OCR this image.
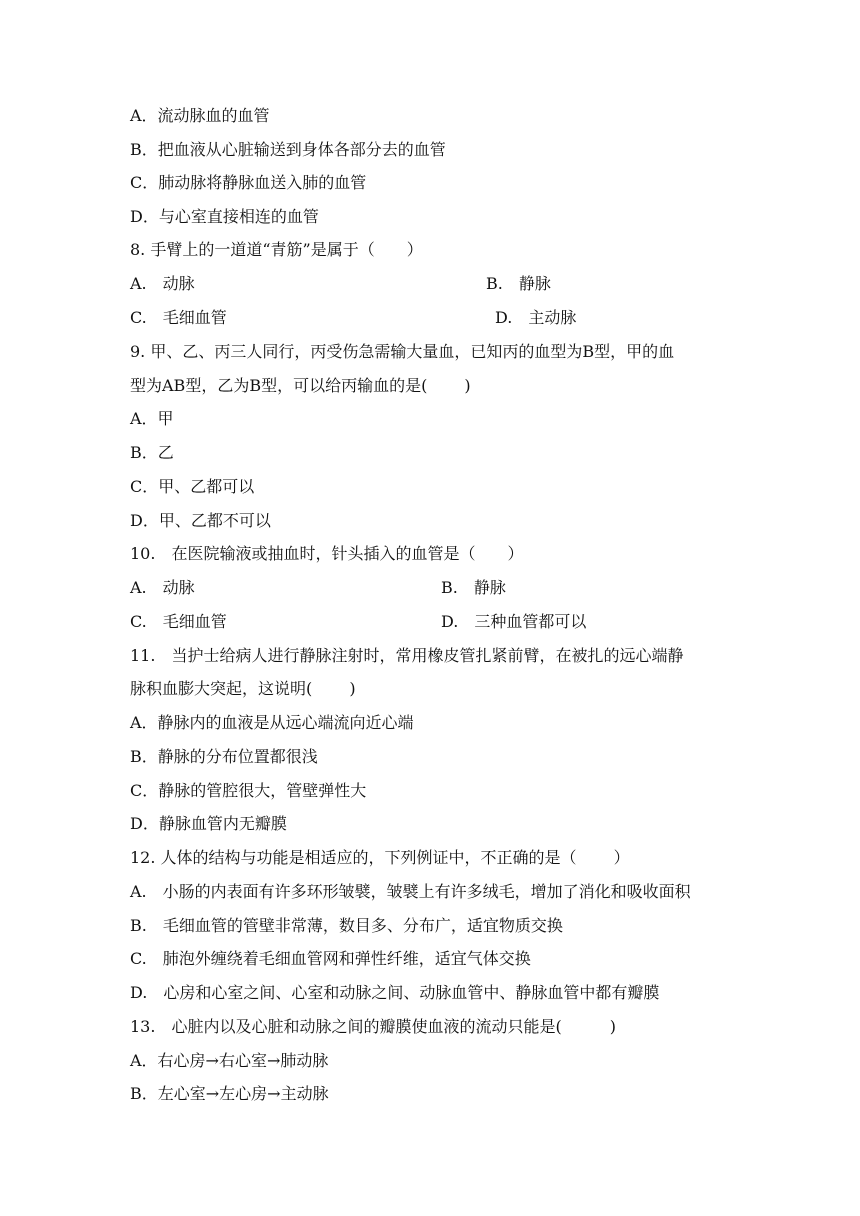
A．流动脉血的血管
B．把血液从心脏输送到身体各部分去的血管
C．肺动脉将静脉血送入肺的血管
D．与心室直接相连的血管
8. 手臂上的一道道“青筋”是属于（　　）
A.　动脉	B.　静脉
C.　毛细血管	D.　主动脉
9. 甲、乙、丙三人同行，丙受伤急需输大量血，已知丙的血型为B型，甲的血
型为AB型，乙为B型，可以给丙输血的是(　　 )
A．甲
B．乙
C．甲、乙都可以
D．甲、乙都不可以
10.　在医院输液或抽血时，针头插入的血管是（　　）
A.　动脉	B.　静脉
C.　毛细血管	D.　三种血管都可以
11.　当护士给病人进行静脉注射时，常用橡皮管扎紧前臂，在被扎的远心端静
脉积血膨大突起，这说明(　　 )
A．静脉内的血液是从远心端流向近心端
B．静脉的分布位置都很浅
C．静脉的管腔很大，管壁弹性大
D．静脉血管内无瓣膜
12. 人体的结构与功能是相适应的，下列例证中，不正确的是（　　 ）
A.　小肠的内表面有许多环形皱襞，皱襞上有许多绒毛，增加了消化和吸收面积
B.　毛细血管的管壁非常薄，数目多、分布广，适宜物质交换
C.　肺泡外缠绕着毛细血管网和弹性纤维，适宜气体交换
D.　心房和心室之间、心室和动脉之间、动脉血管中、静脉血管中都有瓣膜
13.　心脏内以及心脏和动脉之间的瓣膜使血液的流动只能是(　　　)
A．右心房→右心室→肺动脉
B．左心室→左心房→主动脉
